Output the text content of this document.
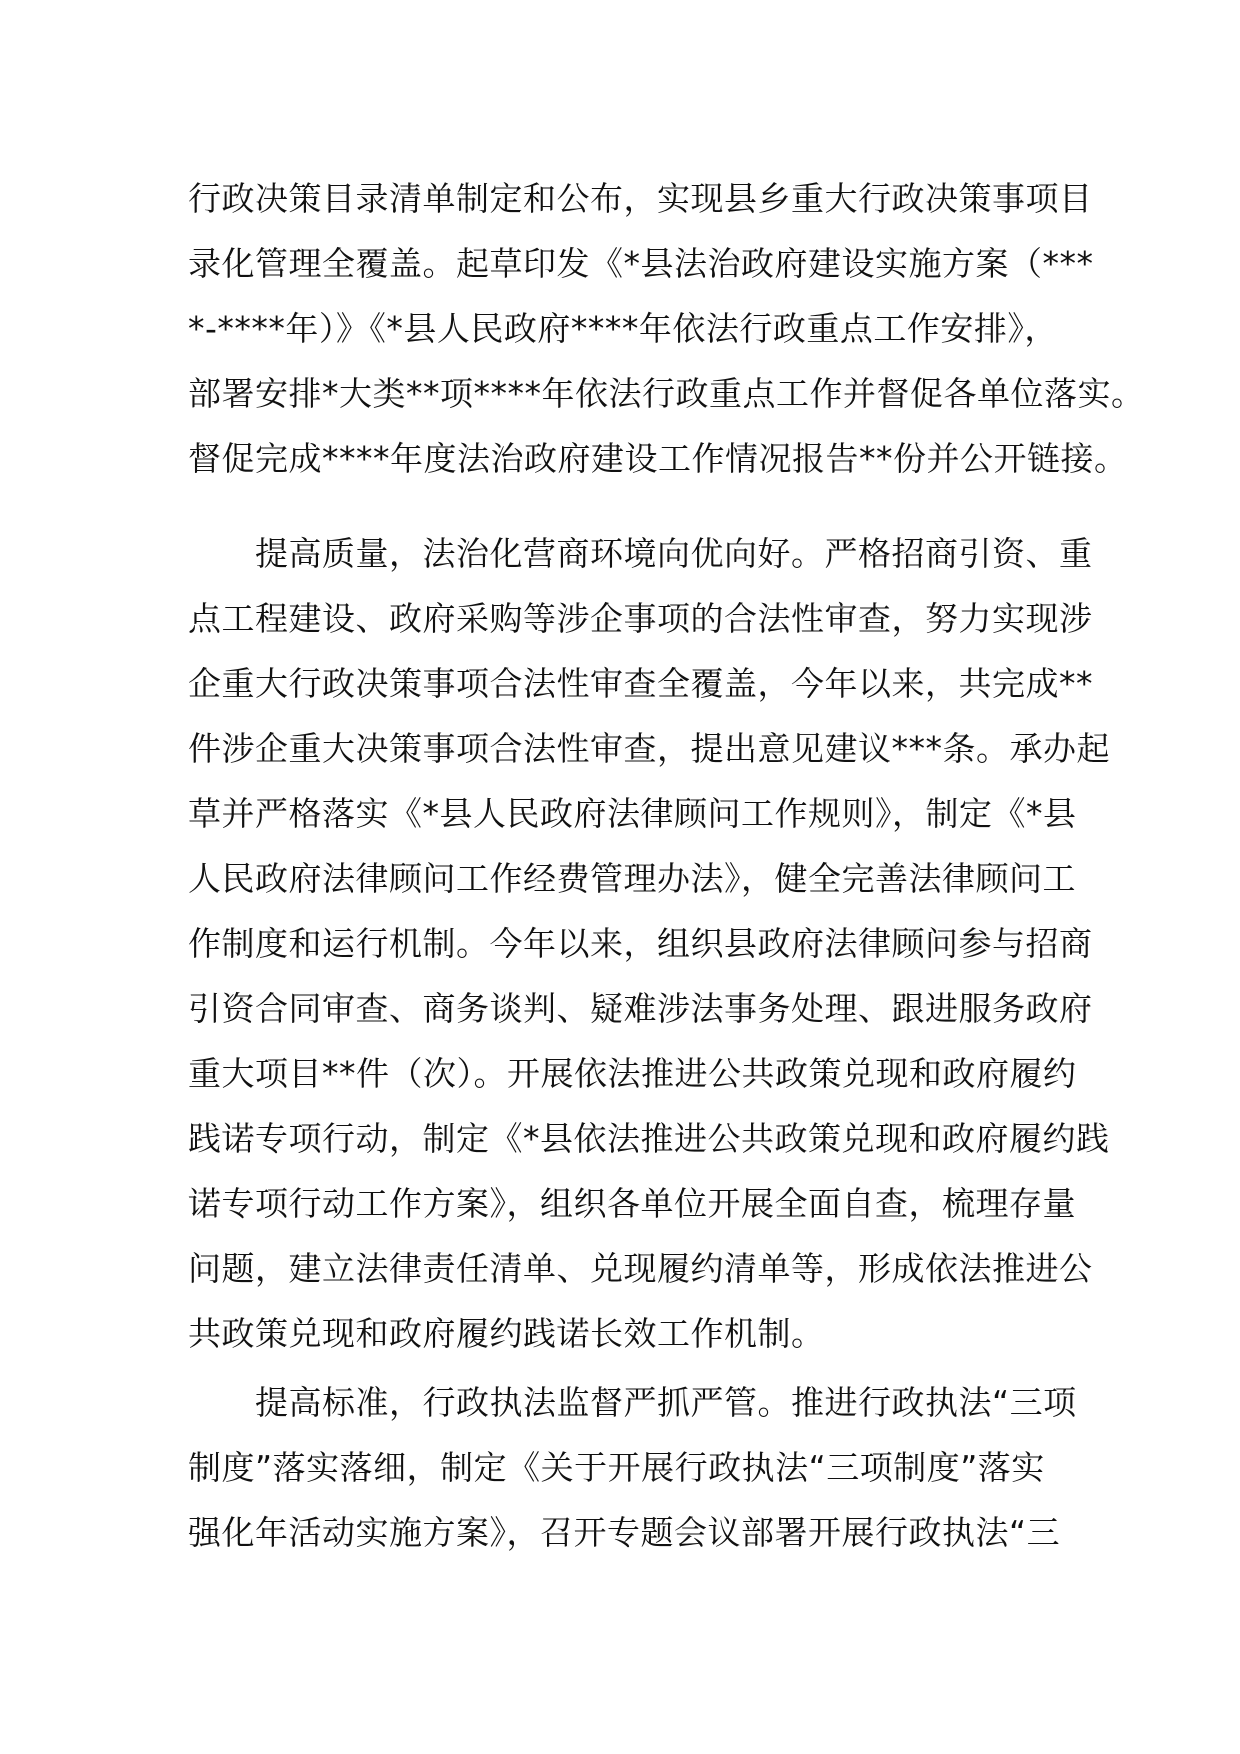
行政决策目录清单制定和公布，实现县乡重大行政决策事项目
录化管理全覆盖。起草印发《*县法治政府建设实施方案（***
*-****年）》《*县人民政府****年依法行政重点工作安排》，
部署安排*大类**项****年依法行政重点工作并督促各单位落实。
督促完成****年度法治政府建设工作情况报告**份并公开链接。
　　提高质量，法治化营商环境向优向好。严格招商引资、重
点工程建设、政府采购等涉企事项的合法性审查，努力实现涉
企重大行政决策事项合法性审查全覆盖，今年以来，共完成**
件涉企重大决策事项合法性审查，提出意见建议***条。承办起
草并严格落实《*县人民政府法律顾问工作规则》，制定《*县
人民政府法律顾问工作经费管理办法》，健全完善法律顾问工
作制度和运行机制。今年以来，组织县政府法律顾问参与招商
引资合同审查、商务谈判、疑难涉法事务处理、跟进服务政府
重大项目**件（次）。开展依法推进公共政策兑现和政府履约
践诺专项行动，制定《*县依法推进公共政策兑现和政府履约践
诺专项行动工作方案》，组织各单位开展全面自查，梳理存量
问题，建立法律责任清单、兑现履约清单等，形成依法推进公
共政策兑现和政府履约践诺长效工作机制。
　　提高标准，行政执法监督严抓严管。推进行政执法“三项
制度”落实落细，制定《关于开展行政执法“三项制度”落实
强化年活动实施方案》，召开专题会议部署开展行政执法“三
